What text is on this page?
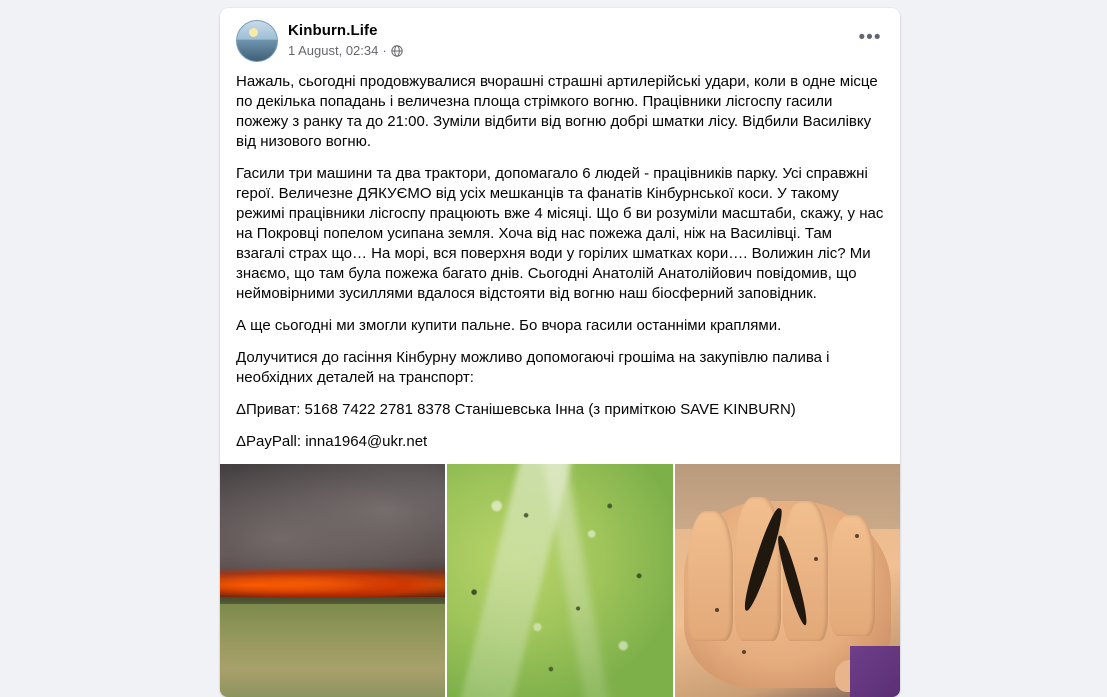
Kinburn.Life
1 August, 02:34 ·
•••

Нажаль, сьогодні продовжувалися вчорашні страшні артилерійські удари, коли в одне місце по декілька попадань і величезна площа стрімкого вогню. Працівники лісгоспу гасили пожежу з ранку та до 21:00. Зуміли відбити від вогню добрі шматки лісу. Відбили Василівку від низового вогню.

Гасили три машини та два трактори, допомагало 6 людей - працівників парку. Усі справжні герої. Величезне ДЯКУЄМО від усіх мешканців та фанатів Кінбурнської коси. У такому режимі працівники лісгоспу працюють вже 4 місяці. Що б ви розуміли масштаби, скажу, у нас на Покровці попелом усипана земля. Хоча від нас пожежа далі, ніж на Василівці. Там взагалі страх що… На морі, вся поверхня води у горілих шматках кори…. Волижин ліс? Ми знаємо, що там була пожежа багато днів. Сьогодні Анатолій Анатолійович повідомив, що неймовірними зусиллями вдалося відстояти від вогню наш біосферний заповідник.

А ще сьогодні ми змогли купити пальне. Бо вчора гасили останніми краплями.

Долучитися до гасіння Кінбурну можливо допомогаючі грошіма на закупівлю палива і необхідних деталей на транспорт:

ΔПриват: 5168 7422 2781 8378 Станішевська Інна (з приміткою SAVE KINBURN)

ΔPayPall: inna1964@ukr.net
